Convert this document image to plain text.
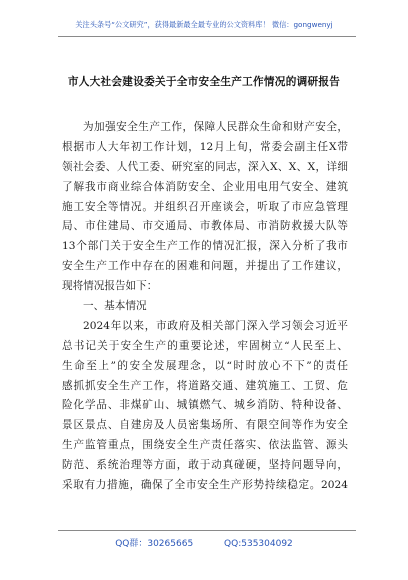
关注头条号“公文研究”，获得最新最全最专业的公文资料库！ 微信：gongwenyj
市人大社会建设委关于全市安全生产工作情况的调研报告
为加强安全生产工作，保障人民群众生命和财产安全，
根据市人大年初工作计划，12月上旬，常委会副主任X带
领社会委、人代工委、研究室的同志，深入X、X、X，详细
了解我市商业综合体消防安全、企业用电用气安全、建筑
施工安全等情况。并组织召开座谈会，听取了市应急管理
局、市住建局、市交通局、市教体局、市消防救援大队等
13个部门关于安全生产工作的情况汇报，深入分析了我市
安全生产工作中存在的困难和问题，并提出了工作建议，
现将情况报告如下：
一、基本情况
2024年以来，市政府及相关部门深入学习领会习近平
总书记关于安全生产的重要论述，牢固树立“人民至上、
生命至上”的安全发展理念，以“时时放心不下”的责任
感抓抓安全生产工作，将道路交通、建筑施工、工贸、危
险化学品、非煤矿山、城镇燃气、城乡消防、特种设备、
景区景点、自建房及人员密集场所、有限空间等作为安全
生产监管重点，围绕安全生产责任落实、依法监管、源头
防范、系统治理等方面，敢于动真碰硬，坚持问题导向，
采取有力措施，确保了全市安全生产形势持续稳定。2024
QQ群：30265665	QQ:535304092
